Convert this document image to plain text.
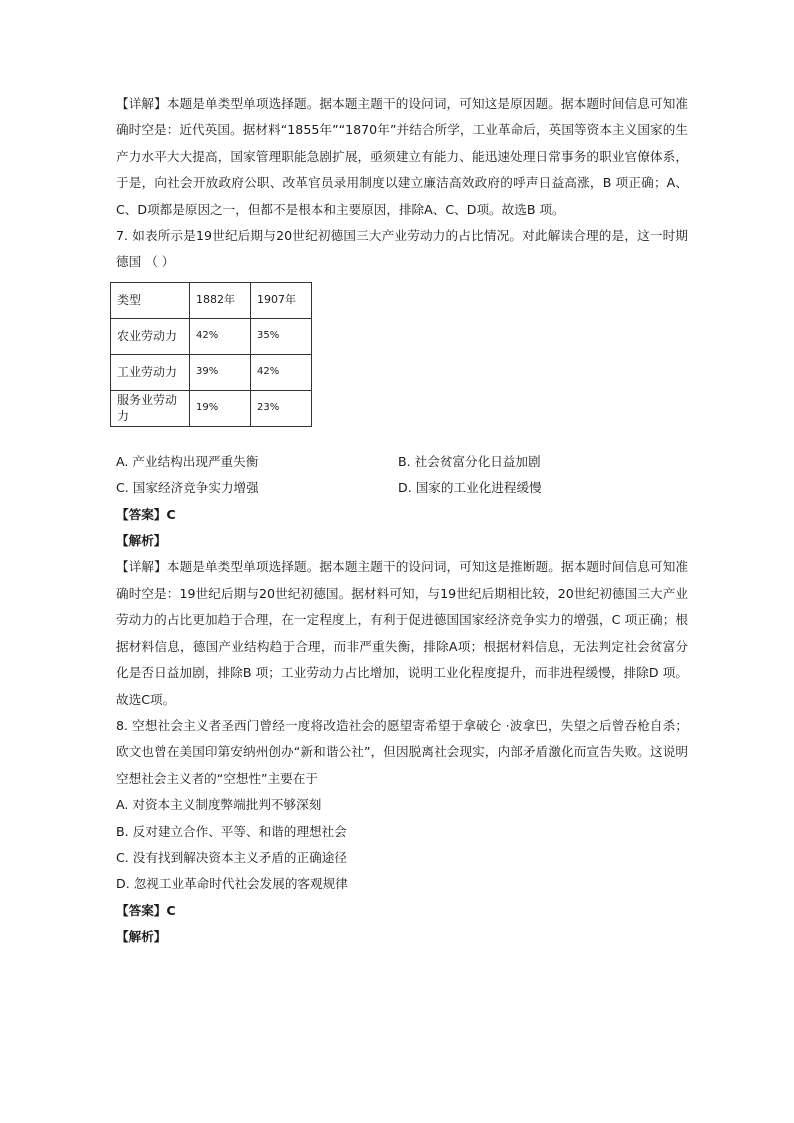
【详解】本题是单类型单项选择题。据本题主题干的设问词，可知这是原因题。据本题时间信息可知准确时空是：近代英国。据材料“1855年”“1870年”并结合所学，工业革命后，英国等资本主义国家的生产力水平大大提高，国家管理职能急剧扩展，亟须建立有能力、能迅速处理日常事务的职业官僚体系，于是，向社会开放政府公职、改革官员录用制度以建立廉洁高效政府的呼声日益高涨，B 项正确；A、C、D项都是原因之一，但都不是根本和主要原因，排除A、C、D项。故选B 项。

7. 如表所示是19世纪后期与20世纪初德国三大产业劳动力的占比情况。对此解读合理的是，这一时期德国 （ ）

类型	1882年	1907年
农业劳动力	42%	35%
工业劳动力	39%	42%
服务业劳动力	19%	23%
A. 产业结构出现严重失衡	B. 社会贫富分化日益加剧
C. 国家经济竞争实力增强	D. 国家的工业化进程缓慢

【答案】C

【解析】

【详解】本题是单类型单项选择题。据本题主题干的设问词，可知这是推断题。据本题时间信息可知准确时空是：19世纪后期与20世纪初德国。据材料可知，与19世纪后期相比较，20世纪初德国三大产业劳动力的占比更加趋于合理，在一定程度上，有利于促进德国国家经济竞争实力的增强，C 项正确；根据材料信息，德国产业结构趋于合理，而非严重失衡，排除A项；根据材料信息，无法判定社会贫富分化是否日益加剧，排除B 项；工业劳动力占比增加，说明工业化程度提升，而非进程缓慢，排除D 项。故选C项。

8. 空想社会主义者圣西门曾经一度将改造社会的愿望寄希望于拿破仑 ·波拿巴，失望之后曾吞枪自杀；欧文也曾在美国印第安纳州创办“新和谐公社”，但因脱离社会现实，内部矛盾激化而宣告失败。这说明空想社会主义者的“空想性”主要在于

A. 对资本主义制度弊端批判不够深刻

B. 反对建立合作、平等、和谐的理想社会

C. 没有找到解决资本主义矛盾的正确途径

D. 忽视工业革命时代社会发展的客观规律

【答案】C

【解析】
